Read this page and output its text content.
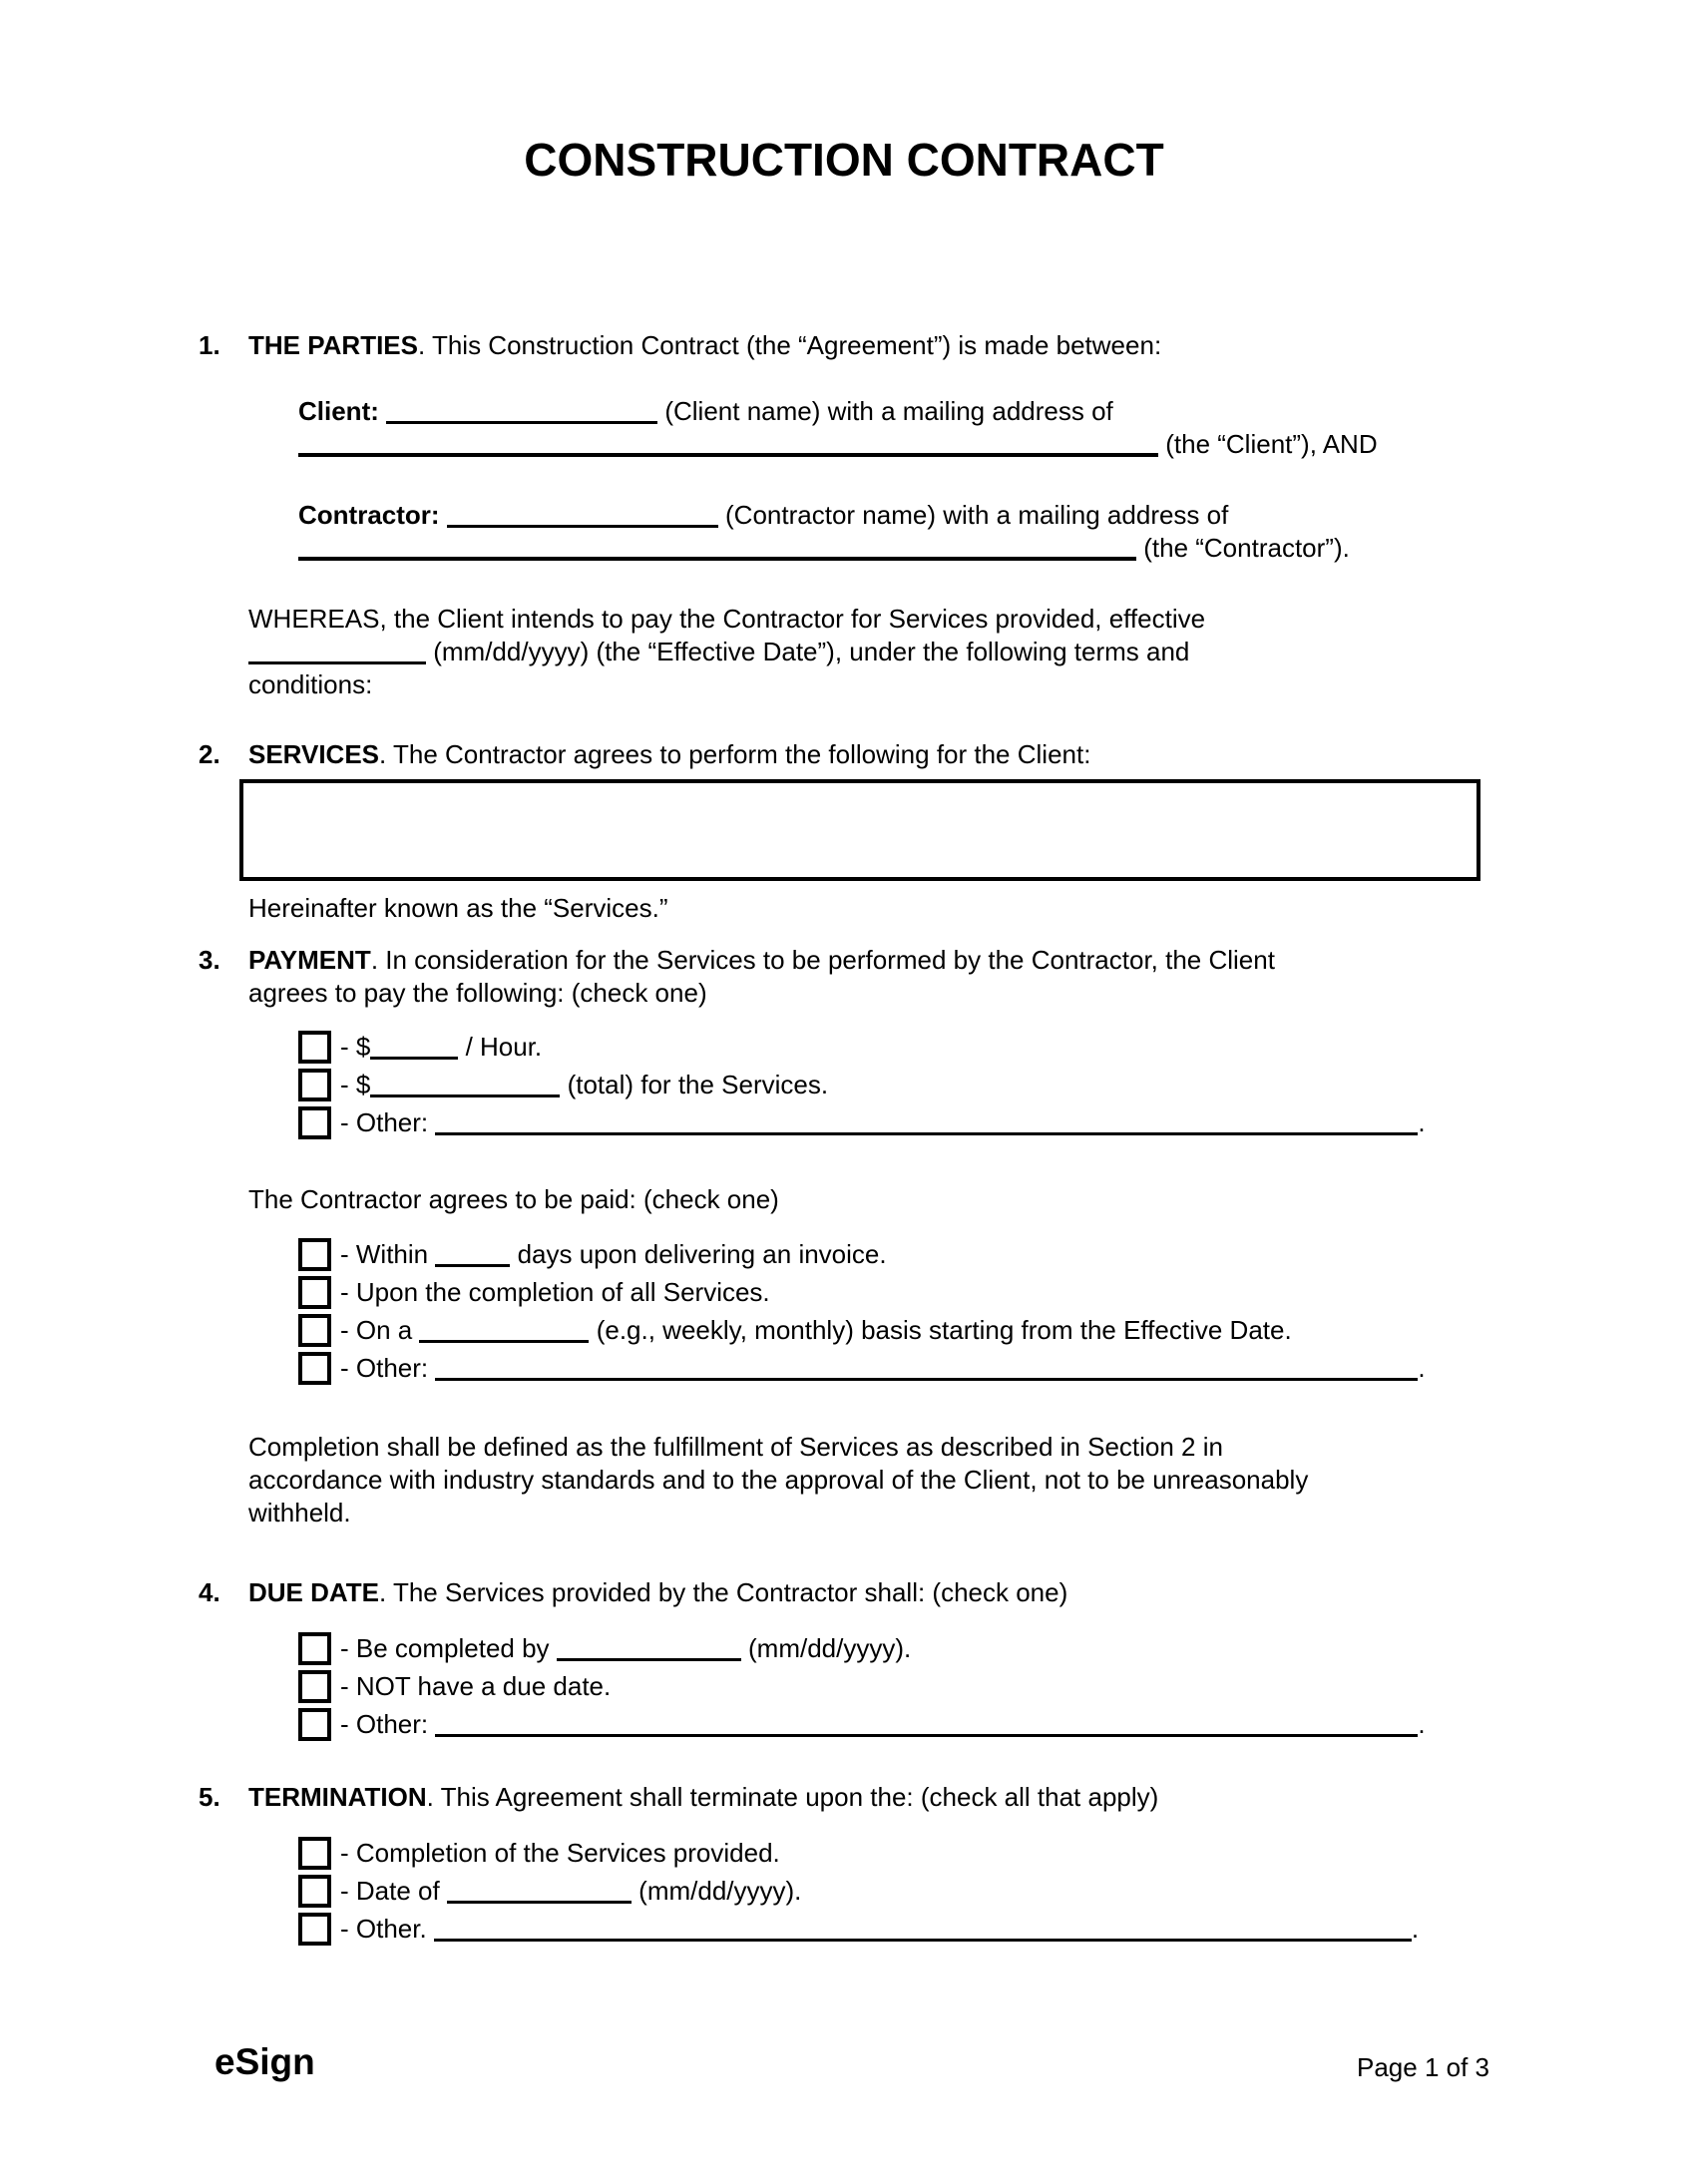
CONSTRUCTION CONTRACT
1.	THE PARTIES. This Construction Contract (the “Agreement”) is made between:
Client:	(Client name) with a mailing address of
(the “Client”), AND
Contractor:	(Contractor name) with a mailing address of
(the “Contractor”).
WHEREAS, the Client intends to pay the Contractor for Services provided, effective
(mm/dd/yyyy) (the “Effective Date”), under the following terms and
conditions:
2.	SERVICES. The Contractor agrees to perform the following for the Client:
Hereinafter known as the “Services.”
3.	PAYMENT. In consideration for the Services to be performed by the Contractor, the Client
agrees to pay the following: (check one)
- $	/ Hour.
- $	(total) for the Services.
- Other:	.
The Contractor agrees to be paid: (check one)
- Within	days upon delivering an invoice.
- Upon the completion of all Services.
- On a	(e.g., weekly, monthly) basis starting from the Effective Date.
- Other:	.
Completion shall be defined as the fulfillment of Services as described in Section 2 in
accordance with industry standards and to the approval of the Client, not to be unreasonably
withheld.
4.	DUE DATE. The Services provided by the Contractor shall: (check one)
- Be completed by	(mm/dd/yyyy).
- NOT have a due date.
- Other:	.
5.	TERMINATION. This Agreement shall terminate upon the: (check all that apply)
- Completion of the Services provided.
- Date of	(mm/dd/yyyy).
- Other.	.
eSign	Page 1 of 3
